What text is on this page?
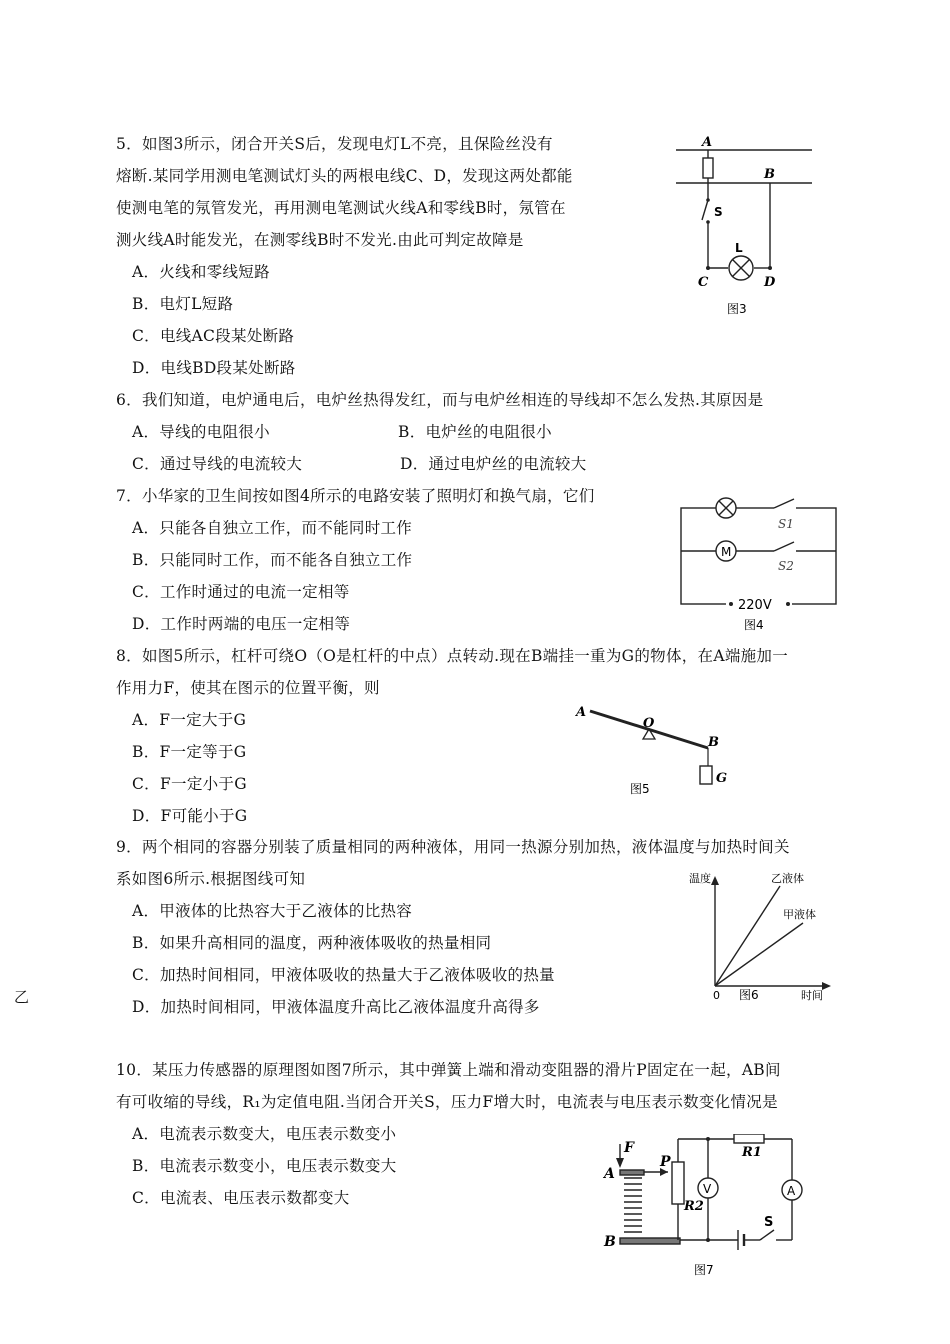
5．如图3所示，闭合开关S后，发现电灯L不亮，且保险丝没有
熔断.某同学用测电笔测试灯头的两根电线C、D，发现这两处都能
使测电笔的氖管发光，再用测电笔测试火线A和零线B时，氖管在
测火线A时能发光，在测零线B时不发光.由此可判定故障是
A．火线和零线短路
B．电灯L短路
C．电线AC段某处断路
D．电线BD段某处断路
A
B
S
L
C	D
图3
6．我们知道，电炉通电后，电炉丝热得发红，而与电炉丝相连的导线却不怎么发热.其原因是
A．导线的电阻很小	B．电炉丝的电阻很小
C．通过导线的电流较大	D．通过电炉丝的电流较大
7．小华家的卫生间按如图4所示的电路安装了照明灯和换气扇，它们
A．只能各自独立工作，而不能同时工作
B．只能同时工作，而不能各自独立工作
C．工作时通过的电流一定相等
D．工作时两端的电压一定相等
M
S1
S2
220V
图4
8．如图5所示，杠杆可绕O（O是杠杆的中点）点转动.现在B端挂一重为G的物体，在A端施加一
作用力F，使其在图示的位置平衡，则
A．F一定大于G
B．F一定等于G
C．F一定小于G
D．F可能小于G
A
O
B
G
图5
9．两个相同的容器分别装了质量相同的两种液体，用同一热源分别加热，液体温度与加热时间关
系如图6所示.根据图线可知
A．甲液体的比热容大于乙液体的比热容
B．如果升高相同的温度，两种液体吸收的热量相同
C．加热时间相同，甲液体吸收的热量大于乙液体吸收的热量
D．加热时间相同，甲液体温度升高比乙液体温度升高得多
乙
温度	乙液体
甲液体
0 图6	时间
10．某压力传感器的原理图如图7所示，其中弹簧上端和滑动变阻器的滑片P固定在一起，AB间
有可收缩的导线，R₁为定值电阻.当闭合开关S，压力F增大时，电流表与电压表示数变化情况是
A．电流表示数变大，电压表示数变小
B．电流表示数变小，电压表示数变大
C．电流表、电压表示数都变大
F
P
A
B
R1
R2
V	A
S
图7
